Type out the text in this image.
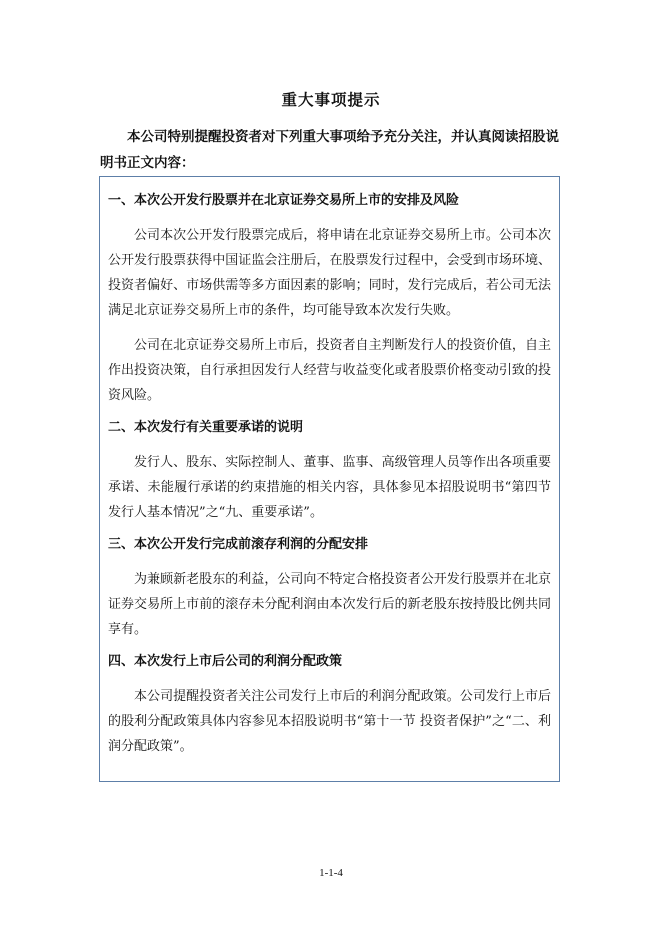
重大事项提示
本公司特别提醒投资者对下列重大事项给予充分关注，并认真阅读招股说明书正文内容：
一、本次公开发行股票并在北京证券交易所上市的安排及风险

公司本次公开发行股票完成后，将申请在北京证券交易所上市。公司本次公开发行股票获得中国证监会注册后，在股票发行过程中，会受到市场环境、投资者偏好、市场供需等多方面因素的影响；同时，发行完成后，若公司无法满足北京证券交易所上市的条件，均可能导致本次发行失败。

公司在北京证券交易所上市后，投资者自主判断发行人的投资价值，自主作出投资决策，自行承担因发行人经营与收益变化或者股票价格变动引致的投资风险。

二、本次发行有关重要承诺的说明

发行人、股东、实际控制人、董事、监事、高级管理人员等作出各项重要承诺、未能履行承诺的约束措施的相关内容，具体参见本招股说明书“第四节 发行人基本情况”之“九、重要承诺”。

三、本次公开发行完成前滚存利润的分配安排

为兼顾新老股东的利益，公司向不特定合格投资者公开发行股票并在北京证券交易所上市前的滚存未分配利润由本次发行后的新老股东按持股比例共同享有。

四、本次发行上市后公司的利润分配政策

本公司提醒投资者关注公司发行上市后的利润分配政策。公司发行上市后的股利分配政策具体内容参见本招股说明书“第十一节 投资者保护”之“二、利润分配政策”。

1-1-4
